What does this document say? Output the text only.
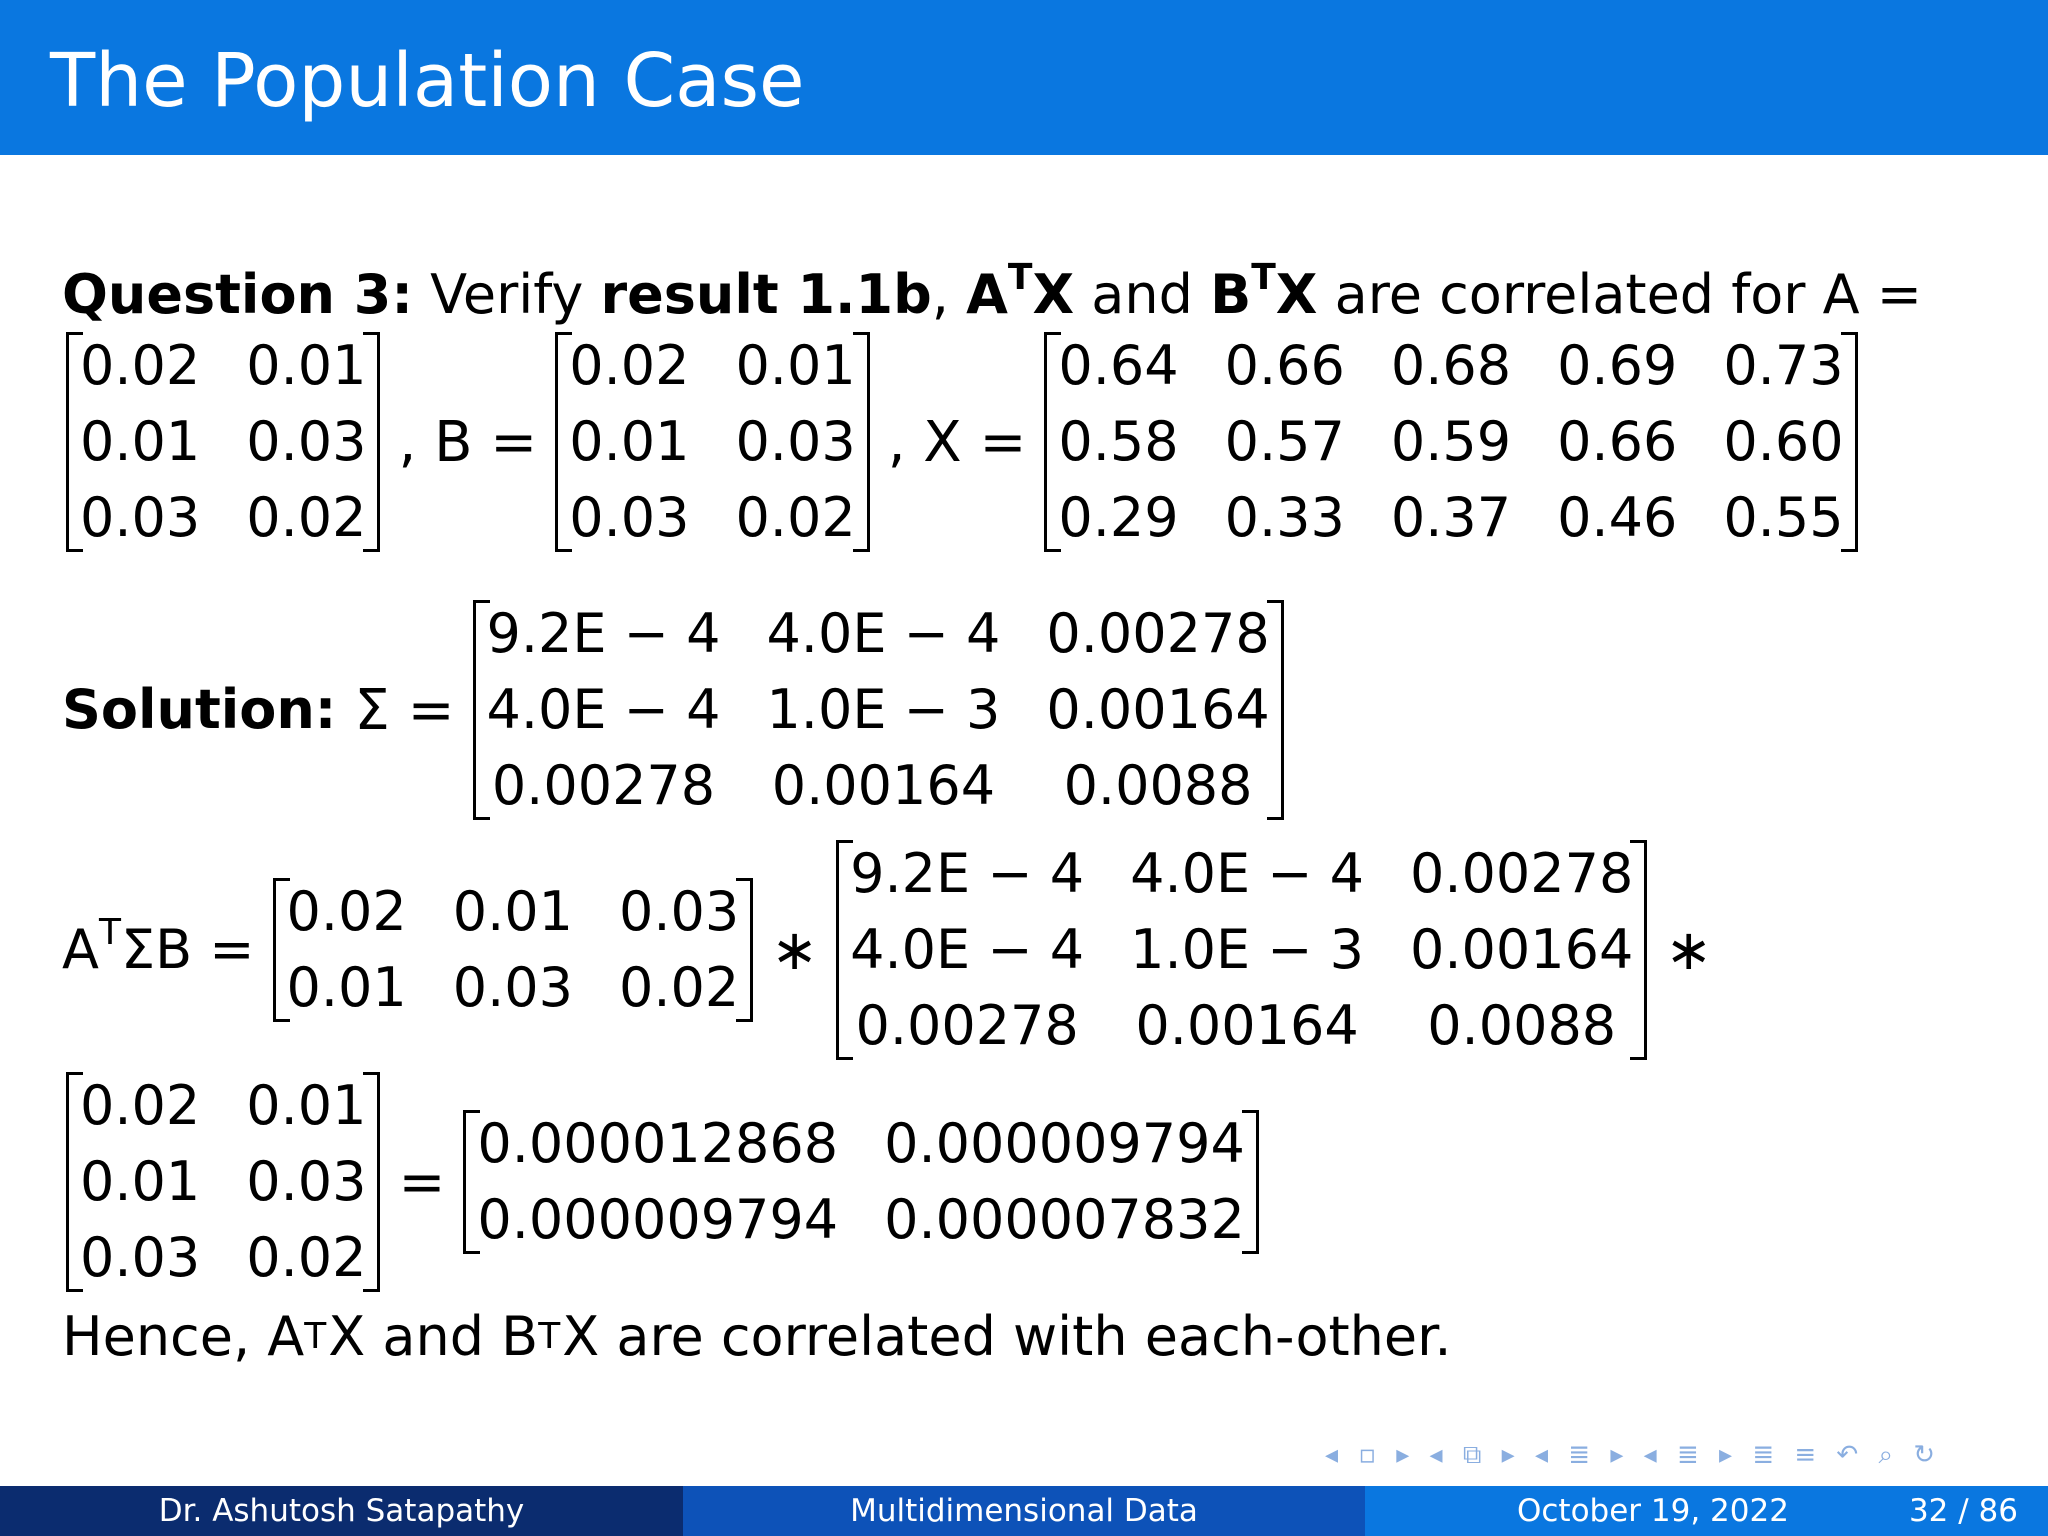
The Population Case
Question 3:
Verify
result 1.1b ,
$A^TX$
and
$B^TX$
are correlated for A =
0.02 0.01
0.01 0.03
0.03 0.02
, B =
0.02 0.01
0.01 0.03
0.03 0.02
, X =
0.64 0.66 0.68 0.69 0.73
0.58 0.57 0.59 0.66 0.60
0.29 0.33 0.37 0.46 0.55
Solution: Σ =
9.2E − 4 4.0E − 4 0.00278
4.0E − 4 1.0E − 3 0.00164
0.00278 0.00164	0.0088
$A^T\Sigma B$ =
0.02 0.01 0.03
0.01 0.03 0.02
∗
9.2E − 4 4.0E − 4 0.00278
4.0E − 4 1.0E − 3 0.00164
0.00278 0.00164	0.0088
∗
0.02 0.01
0.01 0.03
0.03 0.02
=
0.000012868 0.000009794
0.000009794 0.000007832
Hence, A T X and B T X are correlated with each-other.
◂ ▫ ▸ ◂ ⧉ ▸ ◂ ≣ ▸ ◂ ≣ ▸ ≣ ≡ ↶ ⌕ ↻
Dr. Ashutosh Satapathy	Multidimensional Data	October 19, 2022	32 / 86
